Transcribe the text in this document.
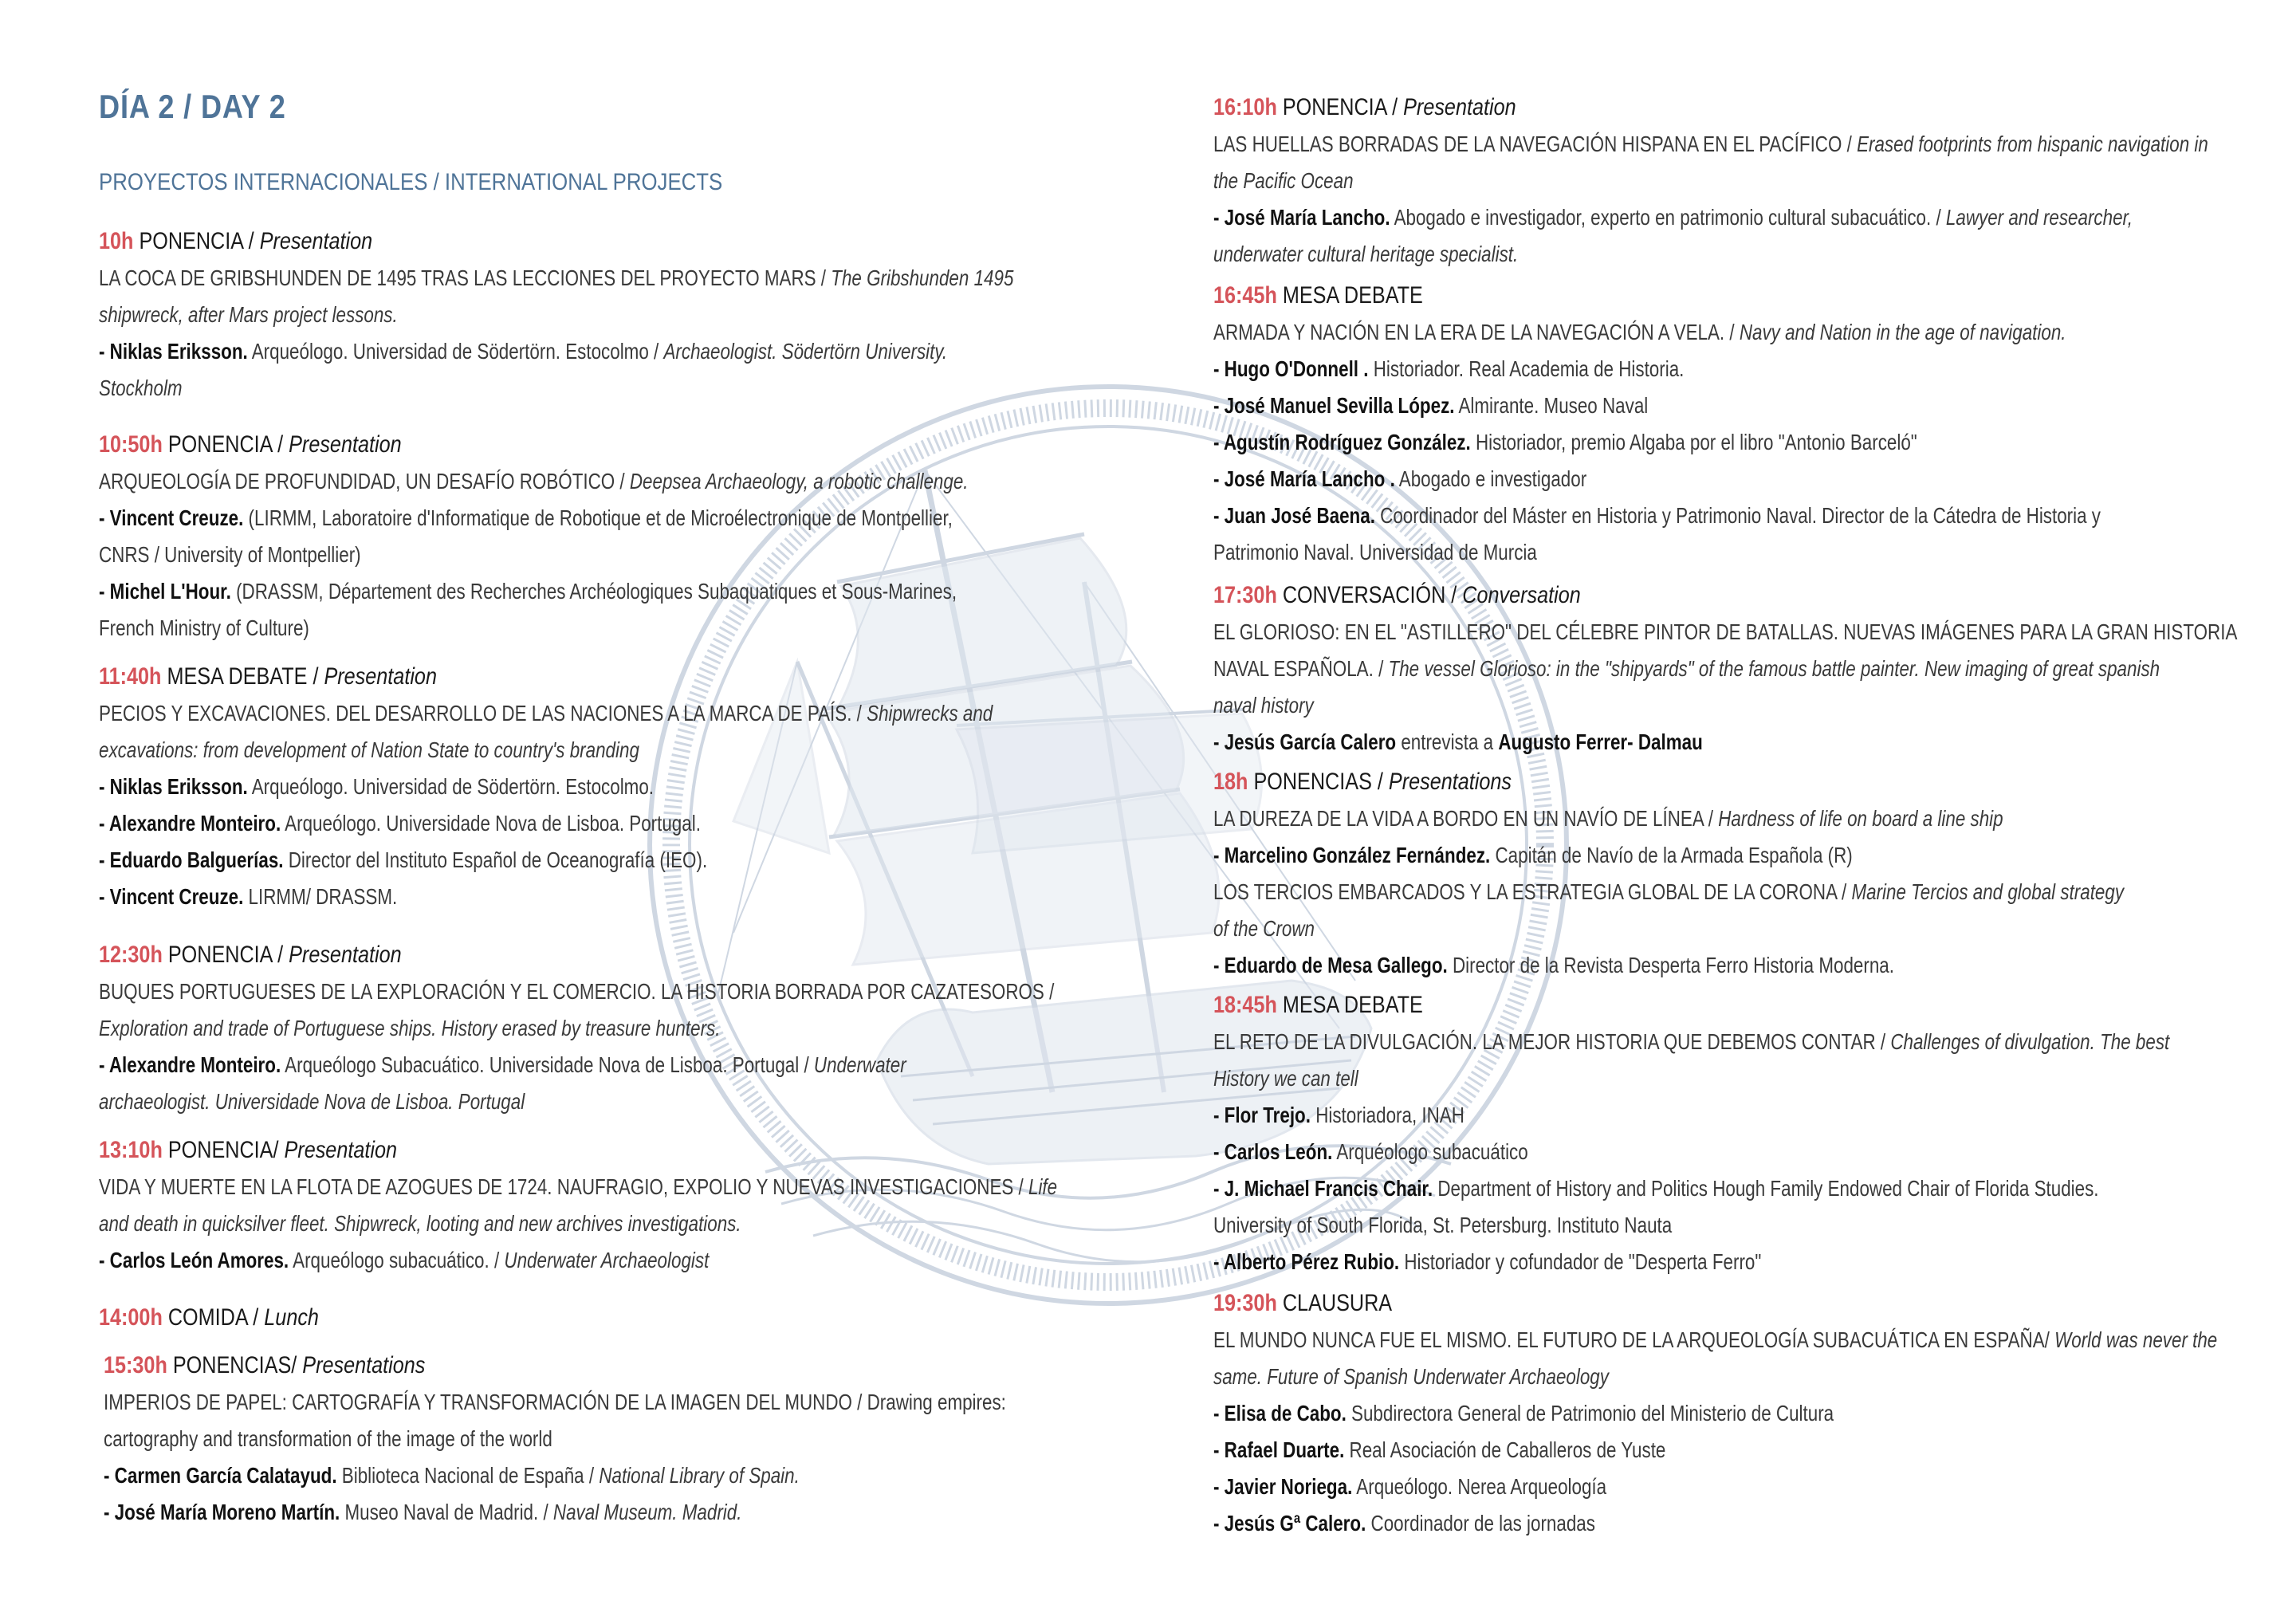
DÍA 2 / DAY 2
PROYECTOS INTERNACIONALES / INTERNATIONAL PROJECTS
10h PONENCIA / Presentation
LA COCA DE GRIBSHUNDEN DE 1495 TRAS LAS LECCIONES DEL PROYECTO MARS / The Gribshunden 1495
shipwreck, after Mars project lessons.
- Niklas Eriksson. Arqueólogo. Universidad de Södertörn. Estocolmo / Archaeologist. Södertörn University.
Stockholm
10:50h PONENCIA / Presentation
ARQUEOLOGÍA DE PROFUNDIDAD, UN DESAFÍO ROBÓTICO / Deepsea Archaeology, a robotic challenge.
- Vincent Creuze. (LIRMM, Laboratoire d'Informatique de Robotique et de Microélectronique de Montpellier,
CNRS / University of Montpellier)
- Michel L'Hour. (DRASSM, Département des Recherches Archéologiques Subaquatiques et Sous-Marines,
French Ministry of Culture)
11:40h MESA DEBATE / Presentation
PECIOS Y EXCAVACIONES. DEL DESARROLLO DE LAS NACIONES A LA MARCA DE PAÍS. / Shipwrecks and
excavations: from development of Nation State to country's branding
- Niklas Eriksson. Arqueólogo. Universidad de Södertörn. Estocolmo.
- Alexandre Monteiro. Arqueólogo. Universidade Nova de Lisboa. Portugal.
- Eduardo Balguerías. Director del Instituto Español de Oceanografía (IEO).
- Vincent Creuze. LIRMM/ DRASSM.
12:30h PONENCIA / Presentation
BUQUES PORTUGUESES DE LA EXPLORACIÓN Y EL COMERCIO. LA HISTORIA BORRADA POR CAZATESOROS /
Exploration and trade of Portuguese ships. History erased by treasure hunters.
- Alexandre Monteiro. Arqueólogo Subacuático. Universidade Nova de Lisboa. Portugal / Underwater
archaeologist. Universidade Nova de Lisboa. Portugal
13:10h PONENCIA/ Presentation
VIDA Y MUERTE EN LA FLOTA DE AZOGUES DE 1724. NAUFRAGIO, EXPOLIO Y NUEVAS INVESTIGACIONES / Life
and death in quicksilver fleet. Shipwreck, looting and new archives investigations.
- Carlos León Amores. Arqueólogo subacuático. / Underwater Archaeologist
14:00h COMIDA / Lunch
15:30h PONENCIAS/ Presentations
IMPERIOS DE PAPEL: CARTOGRAFÍA Y TRANSFORMACIÓN DE LA IMAGEN DEL MUNDO / Drawing empires:
cartography and transformation of the image of the world
- Carmen García Calatayud. Biblioteca Nacional de España / National Library of Spain.
- José María Moreno Martín. Museo Naval de Madrid. / Naval Museum. Madrid.
16:10h PONENCIA / Presentation
LAS HUELLAS BORRADAS DE LA NAVEGACIÓN HISPANA EN EL PACÍFICO / Erased footprints from hispanic navigation in
the Pacific Ocean
- José María Lancho. Abogado e investigador, experto en patrimonio cultural subacuático. / Lawyer and researcher,
underwater cultural heritage specialist.
16:45h MESA DEBATE
ARMADA Y NACIÓN EN LA ERA DE LA NAVEGACIÓN A VELA. / Navy and Nation in the age of navigation.
- Hugo O'Donnell . Historiador. Real Academia de Historia.
- José Manuel Sevilla López. Almirante. Museo Naval
- Agustín Rodríguez González. Historiador, premio Algaba por el libro "Antonio Barceló"
- José María Lancho . Abogado e investigador
- Juan José Baena. Coordinador del Máster en Historia y Patrimonio Naval. Director de la Cátedra de Historia y
Patrimonio Naval. Universidad de Murcia
17:30h CONVERSACIÓN / Conversation
EL GLORIOSO: EN EL "ASTILLERO" DEL CÉLEBRE PINTOR DE BATALLAS. NUEVAS IMÁGENES PARA LA GRAN HISTORIA
NAVAL ESPAÑOLA. / The vessel Glorioso: in the "shipyards" of the famous battle painter. New imaging of great spanish
naval history
- Jesús García Calero entrevista a Augusto Ferrer- Dalmau
18h PONENCIAS / Presentations
LA DUREZA DE LA VIDA A BORDO EN UN NAVÍO DE LÍNEA / Hardness of life on board a line ship
- Marcelino González Fernández. Capitán de Navío de la Armada Española (R)
LOS TERCIOS EMBARCADOS Y LA ESTRATEGIA GLOBAL DE LA CORONA / Marine Tercios and global strategy
of the Crown
- Eduardo de Mesa Gallego. Director de la Revista Desperta Ferro Historia Moderna.
18:45h MESA DEBATE
EL RETO DE LA DIVULGACIÓN. LA MEJOR HISTORIA QUE DEBEMOS CONTAR / Challenges of divulgation. The best
History we can tell
- Flor Trejo. Historiadora, INAH
- Carlos León. Arquéologo subacuático
- J. Michael Francis Chair. Department of History and Politics Hough Family Endowed Chair of Florida Studies.
University of South Florida, St. Petersburg. Instituto Nauta
- Alberto Pérez Rubio. Historiador y cofundador de "Desperta Ferro"
19:30h CLAUSURA
EL MUNDO NUNCA FUE EL MISMO. EL FUTURO DE LA ARQUEOLOGÍA SUBACUÁTICA EN ESPAÑA/ World was never the
same. Future of Spanish Underwater Archaeology
- Elisa de Cabo. Subdirectora General de Patrimonio del Ministerio de Cultura
- Rafael Duarte. Real Asociación de Caballeros de Yuste
- Javier Noriega. Arqueólogo. Nerea Arqueología
- Jesús Gª Calero. Coordinador de las jornadas
